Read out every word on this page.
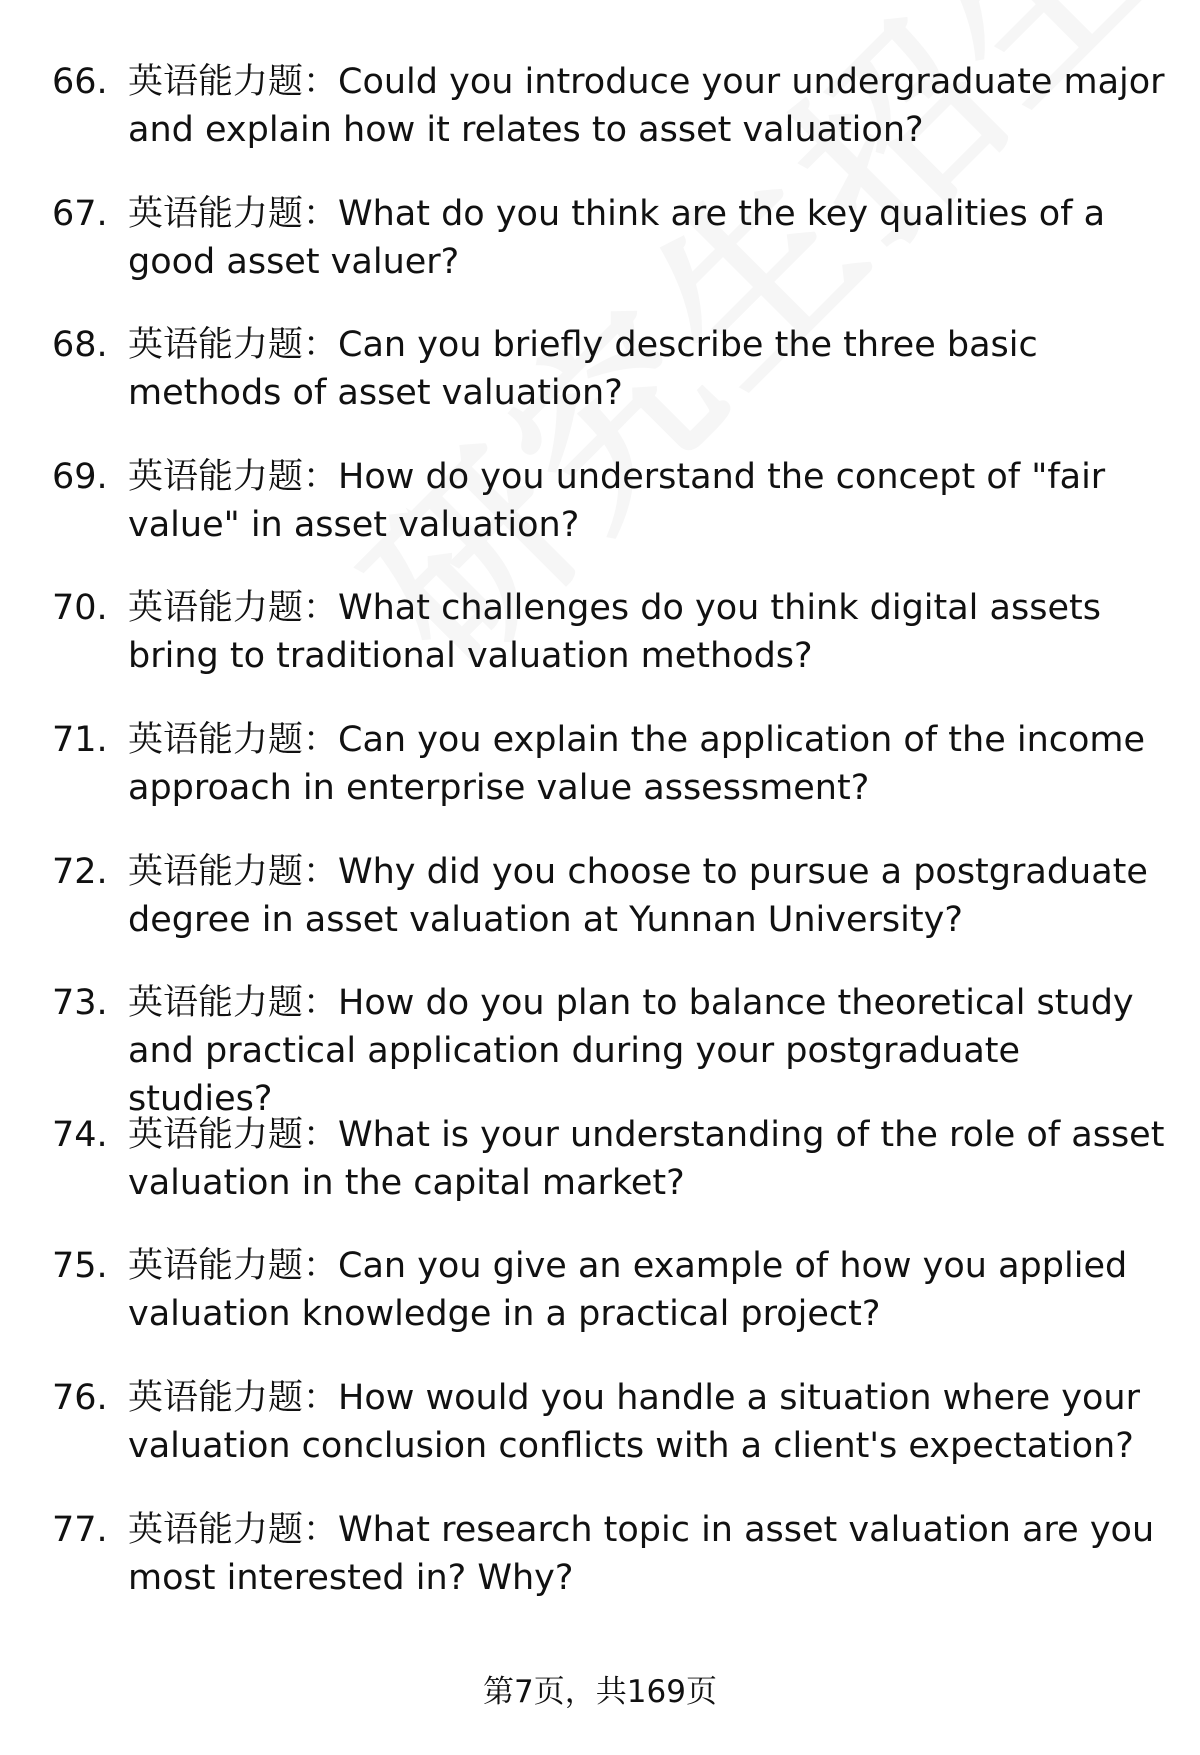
66. 英语能力题：Could you introduce your undergraduate major and explain how it relates to asset valuation?
67. 英语能力题：What do you think are the key qualities of a good asset valuer?
68. 英语能力题：Can you briefly describe the three basic methods of asset valuation?
69. 英语能力题：How do you understand the concept of "fair value" in asset valuation?
70. 英语能力题：What challenges do you think digital assets bring to traditional valuation methods?
71. 英语能力题：Can you explain the application of the income approach in enterprise value assessment?
72. 英语能力题：Why did you choose to pursue a postgraduate degree in asset valuation at Yunnan University?
73. 英语能力题：How do you plan to balance theoretical study and practical application during your postgraduate studies?
74. 英语能力题：What is your understanding of the role of asset valuation in the capital market?
75. 英语能力题：Can you give an example of how you applied valuation knowledge in a practical project?
76. 英语能力题：How would you handle a situation where your valuation conclusion conflicts with a client's expectation?
77. 英语能力题：What research topic in asset valuation are you most interested in? Why?
第7页，共169页
